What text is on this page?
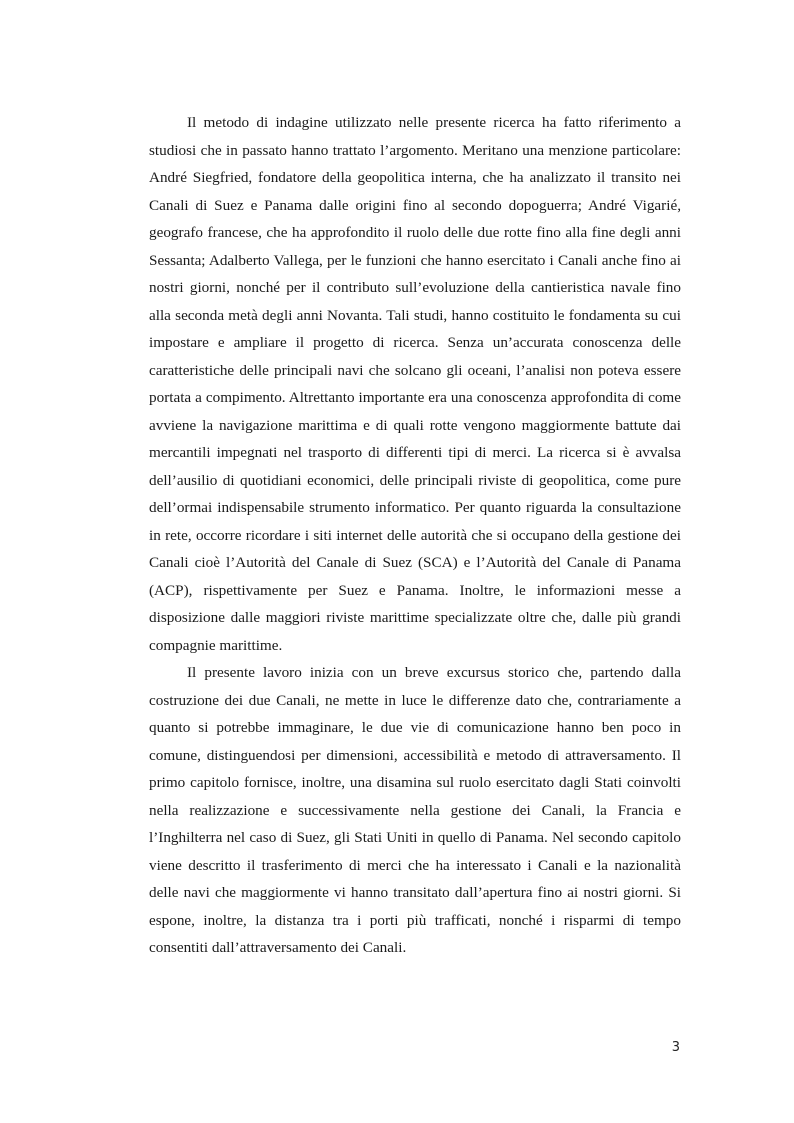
Il metodo di indagine utilizzato nelle presente ricerca ha fatto riferimento a studiosi che in passato hanno trattato l’argomento. Meritano una menzione particolare: André Siegfried, fondatore della geopolitica interna, che ha analizzato il transito nei Canali di Suez e Panama dalle origini fino al secondo dopoguerra; André Vigarié, geografo francese, che ha approfondito il ruolo delle due rotte fino alla fine degli anni Sessanta; Adalberto Vallega, per le funzioni che hanno esercitato i Canali anche fino ai nostri giorni, nonché per il contributo sull’evoluzione della cantieristica navale fino alla seconda metà degli anni Novanta. Tali studi, hanno costituito le fondamenta su cui impostare e ampliare il progetto di ricerca. Senza un’accurata conoscenza delle caratteristiche delle principali navi che solcano gli oceani, l’analisi non poteva essere portata a compimento. Altrettanto importante era una conoscenza approfondita di come avviene la navigazione marittima e di quali rotte vengono maggiormente battute dai mercantili impegnati nel trasporto di differenti tipi di merci. La ricerca si è avvalsa dell’ausilio di quotidiani economici, delle principali riviste di geopolitica, come pure dell’ormai indispensabile strumento informatico. Per quanto riguarda la consultazione in rete, occorre ricordare i siti internet delle autorità che si occupano della gestione dei Canali cioè l’Autorità del Canale di Suez (SCA) e l’Autorità del Canale di Panama (ACP), rispettivamente per Suez e Panama. Inoltre, le informazioni messe a disposizione dalle maggiori riviste marittime specializzate oltre che, dalle più grandi compagnie marittime.

Il presente lavoro inizia con un breve excursus storico che, partendo dalla costruzione dei due Canali, ne mette in luce le differenze dato che, contrariamente a quanto si potrebbe immaginare, le due vie di comunicazione hanno ben poco in comune, distinguendosi per dimensioni, accessibilità e metodo di attraversamento. Il primo capitolo fornisce, inoltre, una disamina sul ruolo esercitato dagli Stati coinvolti nella realizzazione e successivamente nella gestione dei Canali, la Francia e l’Inghilterra nel caso di Suez, gli Stati Uniti in quello di Panama. Nel secondo capitolo viene descritto il trasferimento di merci che ha interessato i Canali e la nazionalità delle navi che maggiormente vi hanno transitato dall’apertura fino ai nostri giorni. Si espone, inoltre, la distanza tra i porti più trafficati, nonché i risparmi di tempo consentiti dall’attraversamento dei Canali.

3
